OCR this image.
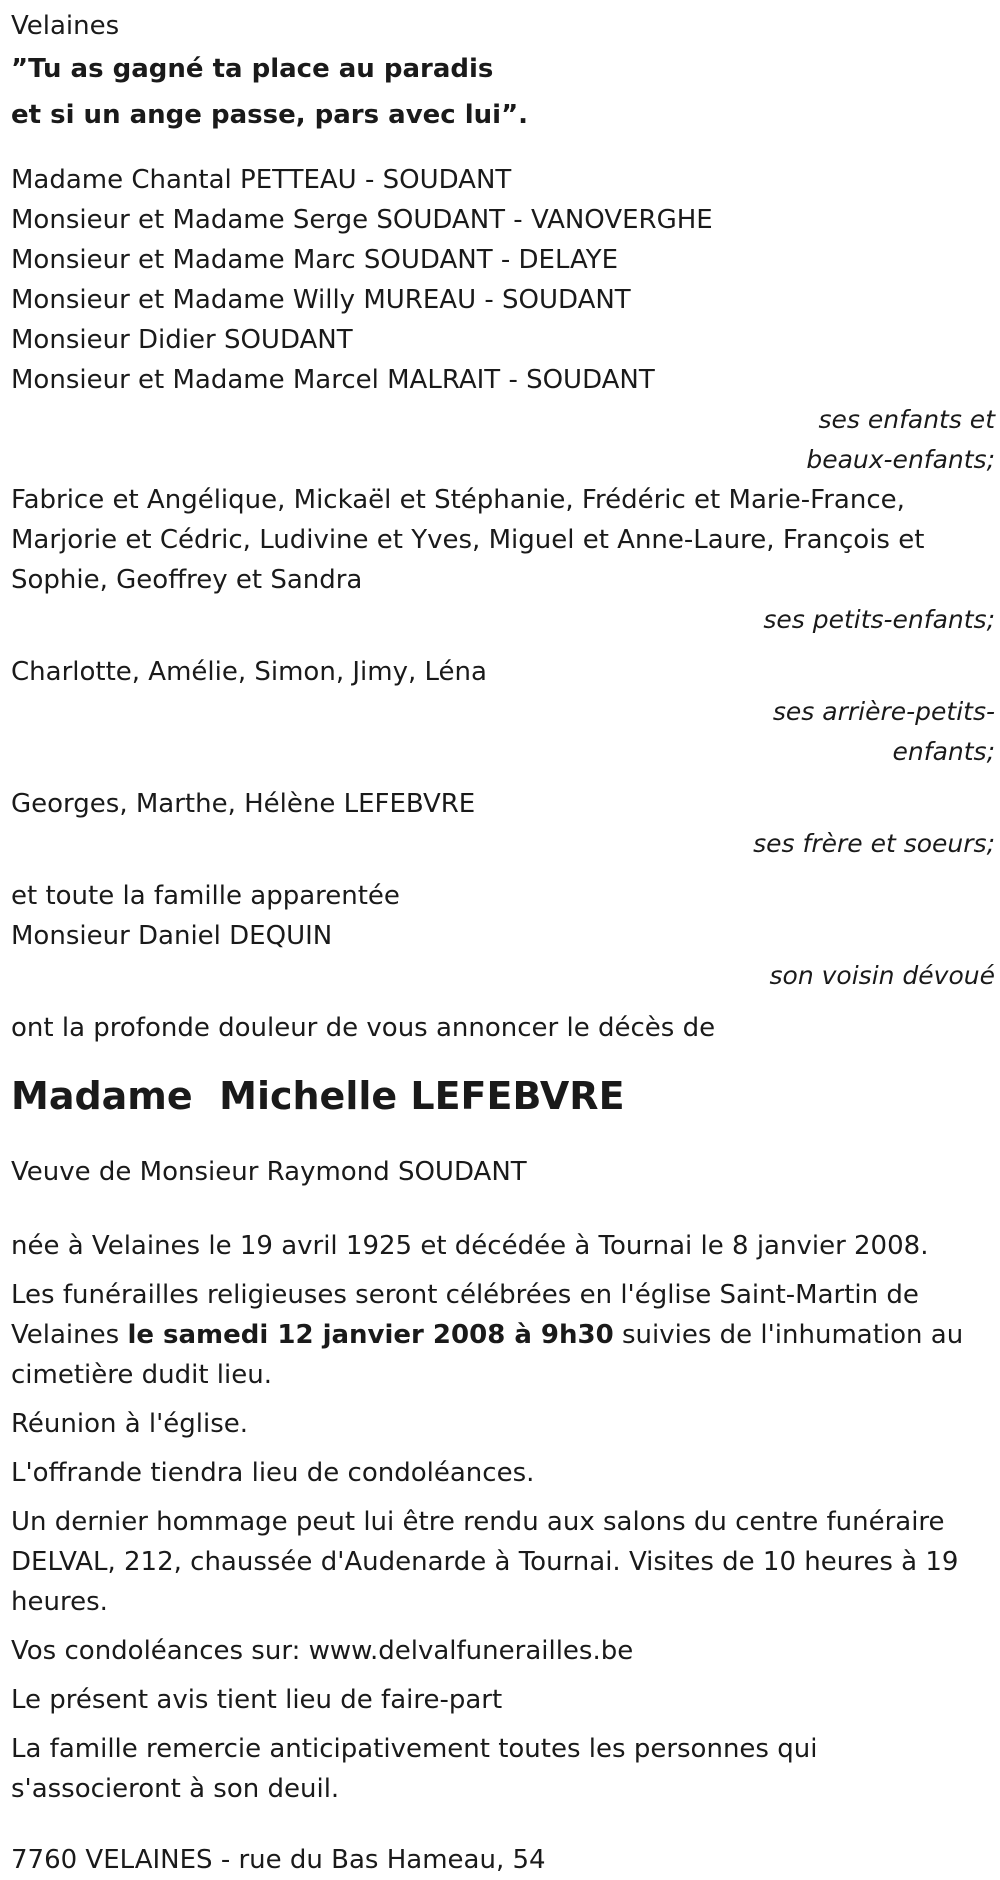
Velaines
”Tu as gagné ta place au paradis
et si un ange passe, pars avec lui”.
Madame Chantal PETTEAU - SOUDANT
Monsieur et Madame Serge SOUDANT - VANOVERGHE
Monsieur et Madame Marc SOUDANT - DELAYE
Monsieur et Madame Willy MUREAU - SOUDANT
Monsieur Didier SOUDANT
Monsieur et Madame Marcel MALRAIT - SOUDANT
ses enfants et
beaux-enfants;
Fabrice et Angélique, Mickaël et Stéphanie, Frédéric et Marie-France,
Marjorie et Cédric, Ludivine et Yves, Miguel et Anne-Laure, François et
Sophie, Geoffrey et Sandra
ses petits-enfants;
Charlotte, Amélie, Simon, Jimy, Léna
ses arrière-petits-
enfants;
Georges, Marthe, Hélène LEFEBVRE
ses frère et soeurs;
et toute la famille apparentée
Monsieur Daniel DEQUIN
son voisin dévoué
ont la profonde douleur de vous annoncer le décès de
Madame Michelle LEFEBVRE
Veuve de Monsieur Raymond SOUDANT
née à Velaines le 19 avril 1925 et décédée à Tournai le 8 janvier 2008.
Les funérailles religieuses seront célébrées en l'église Saint-Martin de Velaines le samedi 12 janvier 2008 à 9h30 suivies de l'inhumation au cimetière dudit lieu.
Réunion à l'église.
L'offrande tiendra lieu de condoléances.
Un dernier hommage peut lui être rendu aux salons du centre funéraire DELVAL, 212, chaussée d'Audenarde à Tournai. Visites de 10 heures à 19 heures.
Vos condoléances sur: www.delvalfunerailles.be
Le présent avis tient lieu de faire-part
La famille remercie anticipativement toutes les personnes qui s'associeront à son deuil.
7760 VELAINES - rue du Bas Hameau, 54
